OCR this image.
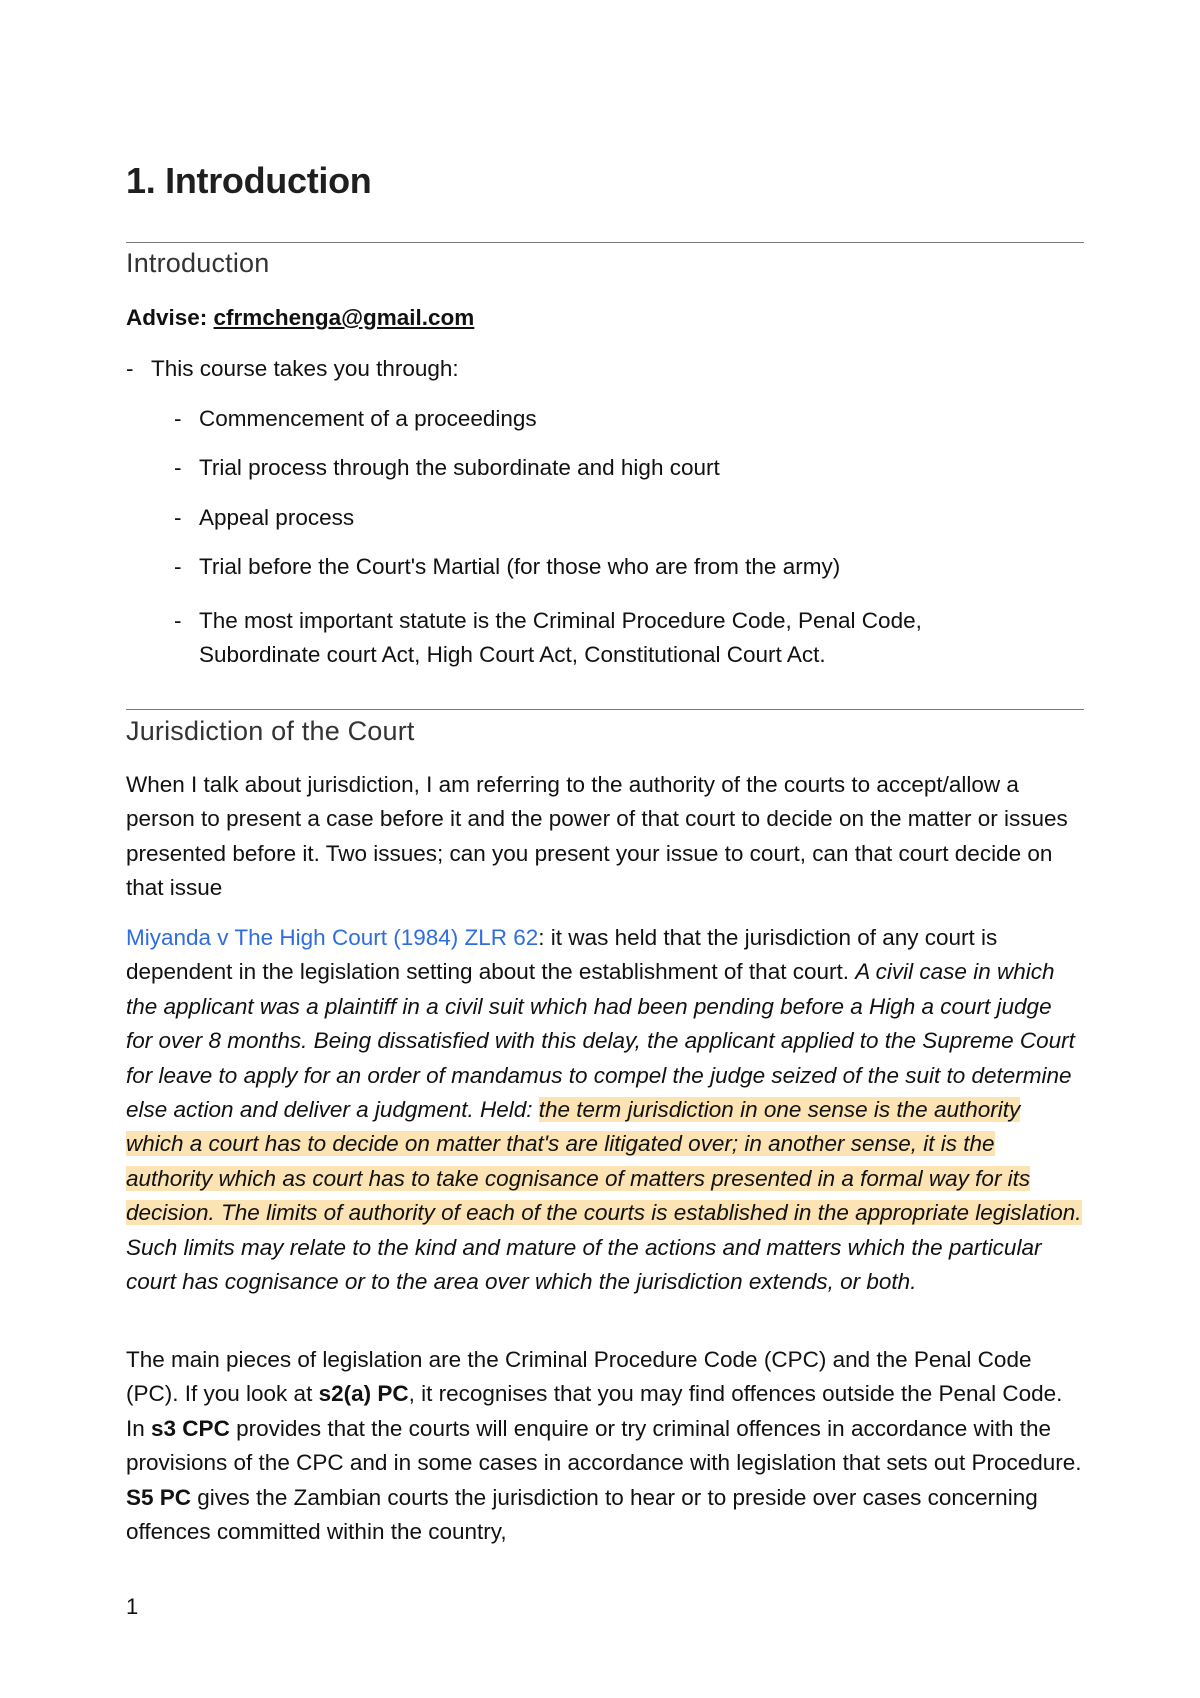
1. Introduction
Introduction

Advise: cfrmchenga@gmail.com

- This course takes you through:

- Commencement of a proceedings

- Trial process through the subordinate and high court

- Appeal process

- Trial before the Court's Martial (for those who are from the army)

- The most important statute is the Criminal Procedure Code, Penal Code,
Subordinate court Act, High Court Act, Constitutional Court Act.
Jurisdiction of the Court

When I talk about jurisdiction, I am referring to the authority of the courts to accept/allow a person to present a case before it and the power of that court to decide on the matter or issues presented before it. Two issues; can you present your issue to court, can that court decide on that issue

Miyanda v The High Court (1984) ZLR 62: it was held that the jurisdiction of any court is dependent in the legislation setting about the establishment of that court. A civil case in which the applicant was a plaintiff in a civil suit which had been pending before a High a court judge for over 8 months. Being dissatisfied with this delay, the applicant applied to the Supreme Court for leave to apply for an order of mandamus to compel the judge seized of the suit to determine else action and deliver a judgment. Held: the term jurisdiction in one sense is the authority which a court has to decide on matter that's are litigated over; in another sense, it is the authority which as court has to take cognisance of matters presented in a formal way for its decision. The limits of authority of each of the courts is established in the appropriate legislation. Such limits may relate to the kind and mature of the actions and matters which the particular court has cognisance or to the area over which the jurisdiction extends, or both.

The main pieces of legislation are the Criminal Procedure Code (CPC) and the Penal Code (PC). If you look at s2(a) PC, it recognises that you may find offences outside the Penal Code. In s3 CPC provides that the courts will enquire or try criminal offences in accordance with the provisions of the CPC and in some cases in accordance with legislation that sets out Procedure. S5 PC gives the Zambian courts the jurisdiction to hear or to preside over cases concerning offences committed within the country,

1
